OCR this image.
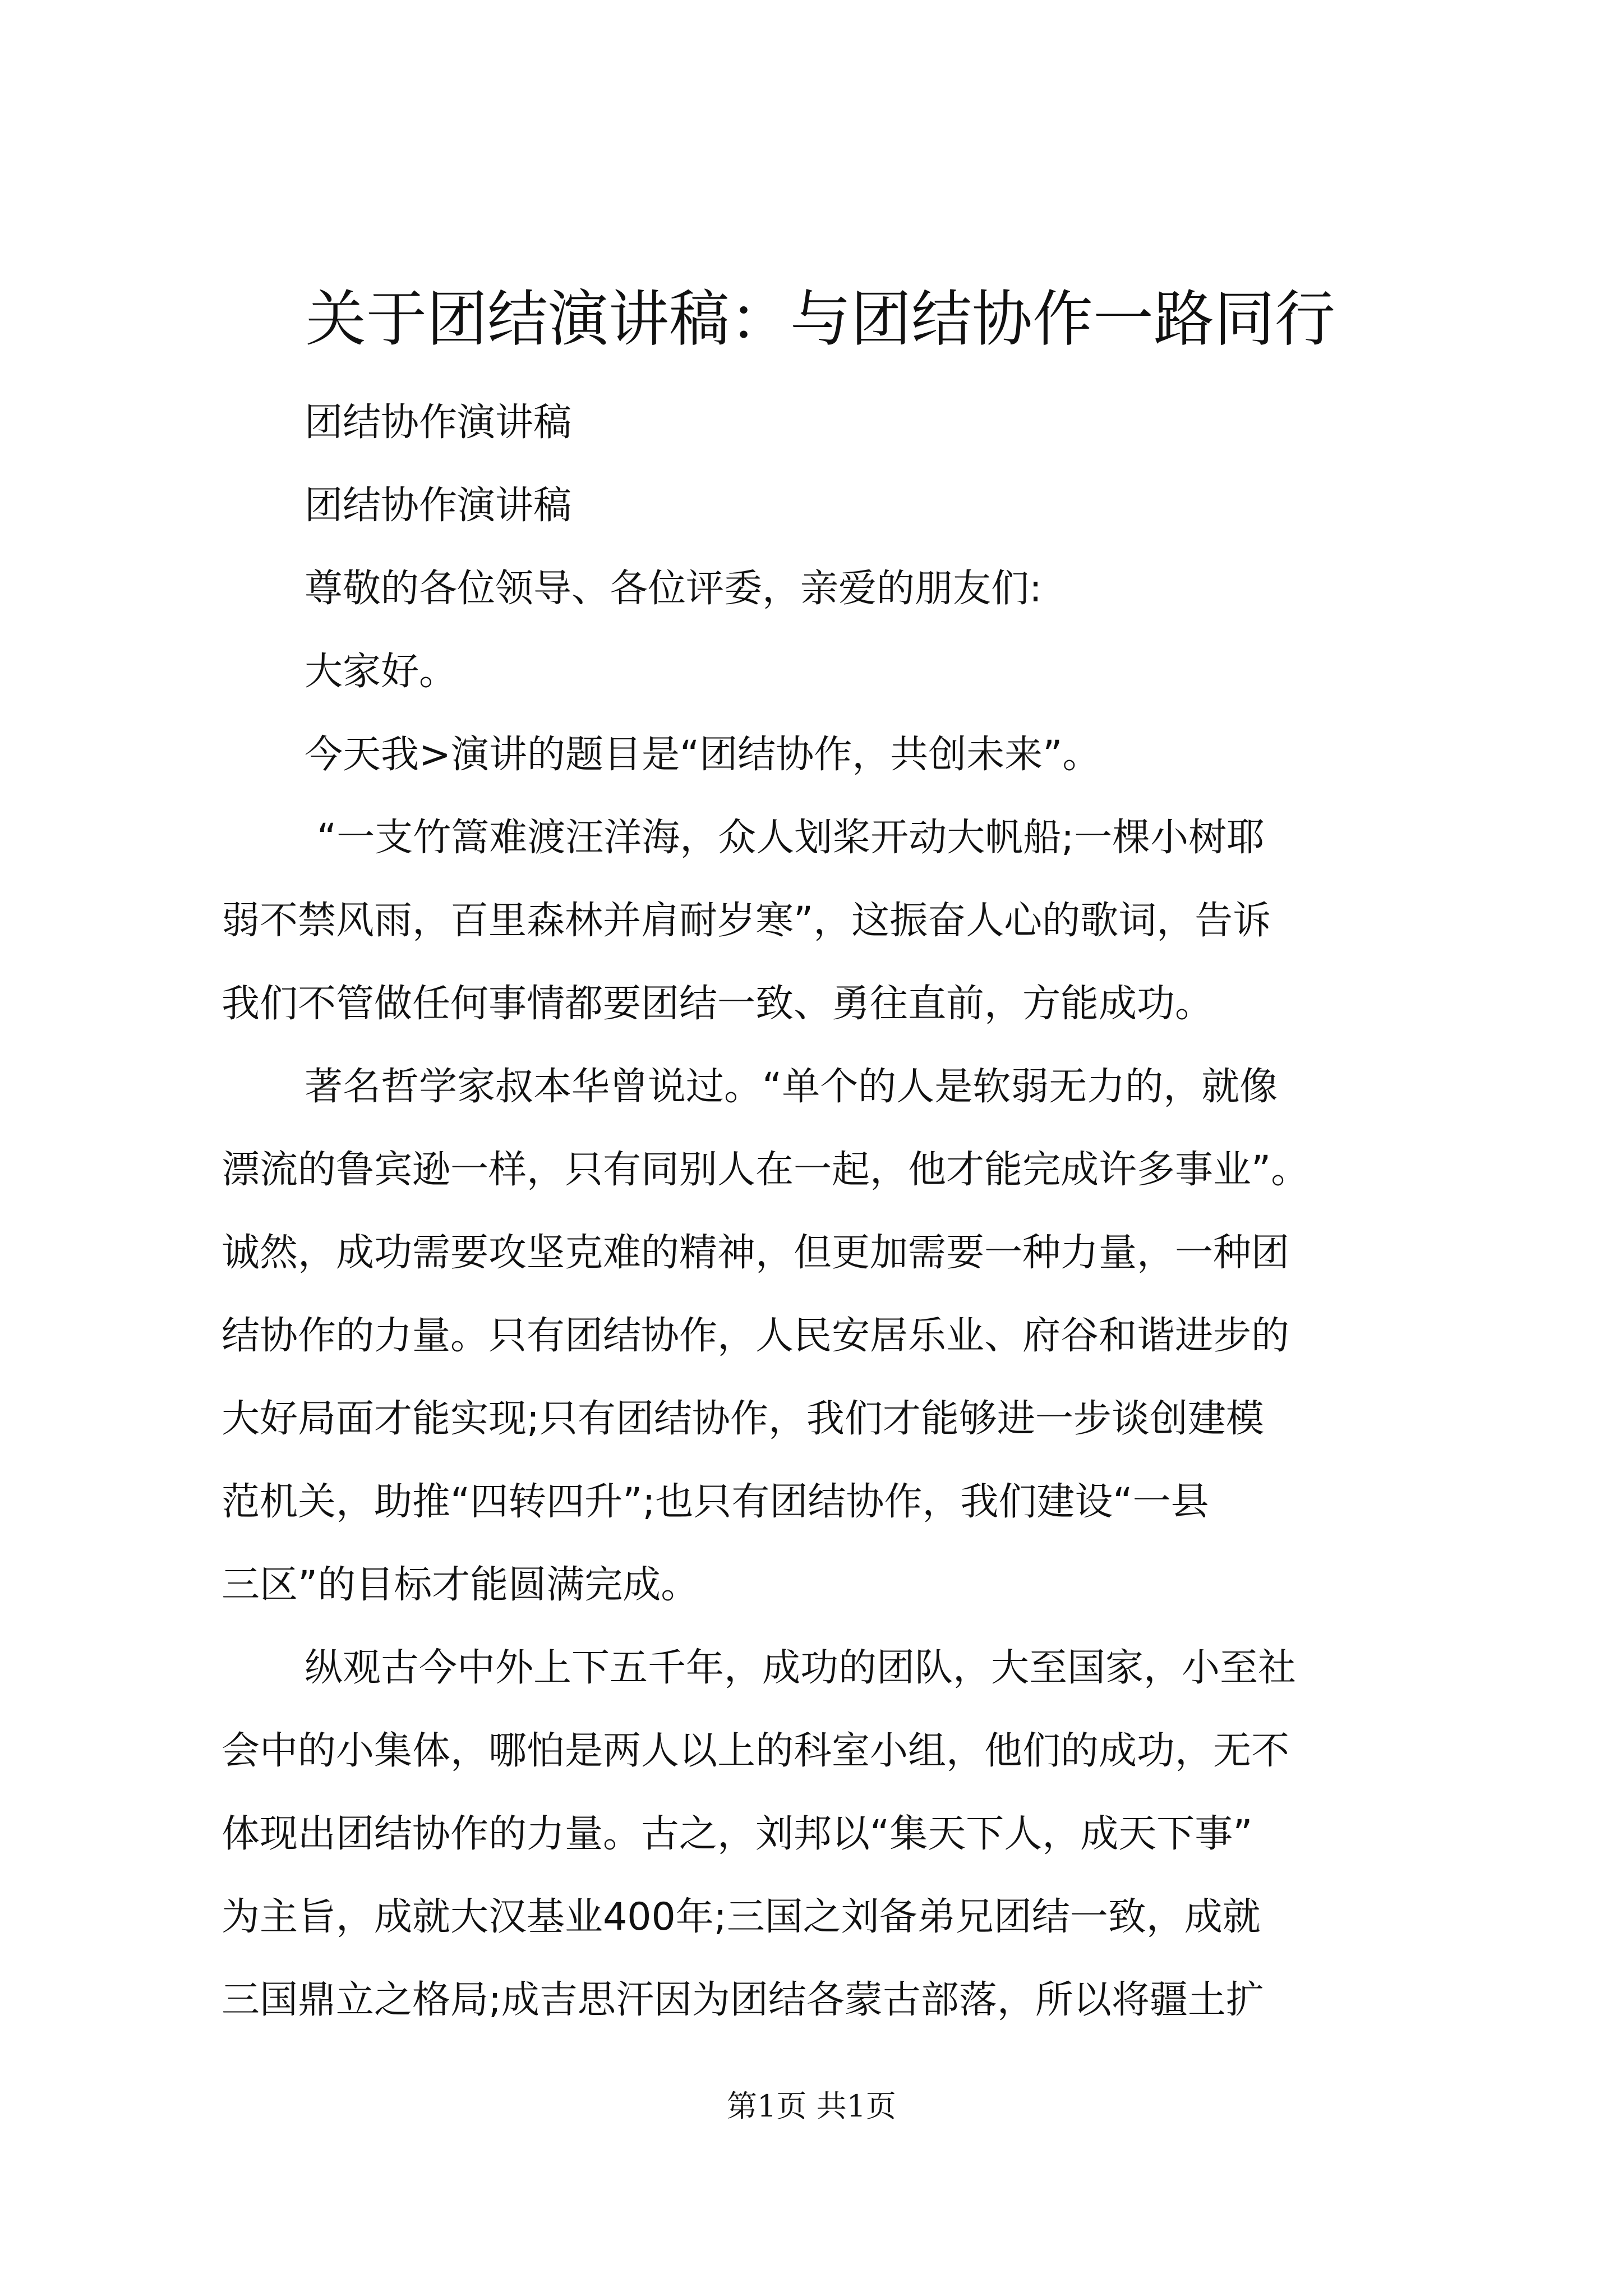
关于团结演讲稿：与团结协作一路同行
团结协作演讲稿
团结协作演讲稿
尊敬的各位领导、各位评委，亲爱的朋友们:
大家好。
今天我>演讲的题目是“团结协作，共创未来”。
“一支竹篙难渡汪洋海，众人划桨开动大帆船;一棵小树耶
弱不禁风雨，百里森林并肩耐岁寒”，这振奋人心的歌词，告诉
我们不管做任何事情都要团结一致、勇往直前，方能成功。
著名哲学家叔本华曾说过。“单个的人是软弱无力的，就像
漂流的鲁宾逊一样，只有同别人在一起，他才能完成许多事业”。
诚然，成功需要攻坚克难的精神，但更加需要一种力量，一种团
结协作的力量。只有团结协作，人民安居乐业、府谷和谐进步的
大好局面才能实现;只有团结协作，我们才能够进一步谈创建模
范机关，助推“四转四升”;也只有团结协作，我们建设“一县
三区”的目标才能圆满完成。
纵观古今中外上下五千年，成功的团队，大至国家，小至社
会中的小集体，哪怕是两人以上的科室小组，他们的成功，无不
体现出团结协作的力量。古之，刘邦以“集天下人，成天下事”
为主旨，成就大汉基业400年;三国之刘备弟兄团结一致，成就
三国鼎立之格局;成吉思汗因为团结各蒙古部落，所以将疆土扩
第1页 共1页
